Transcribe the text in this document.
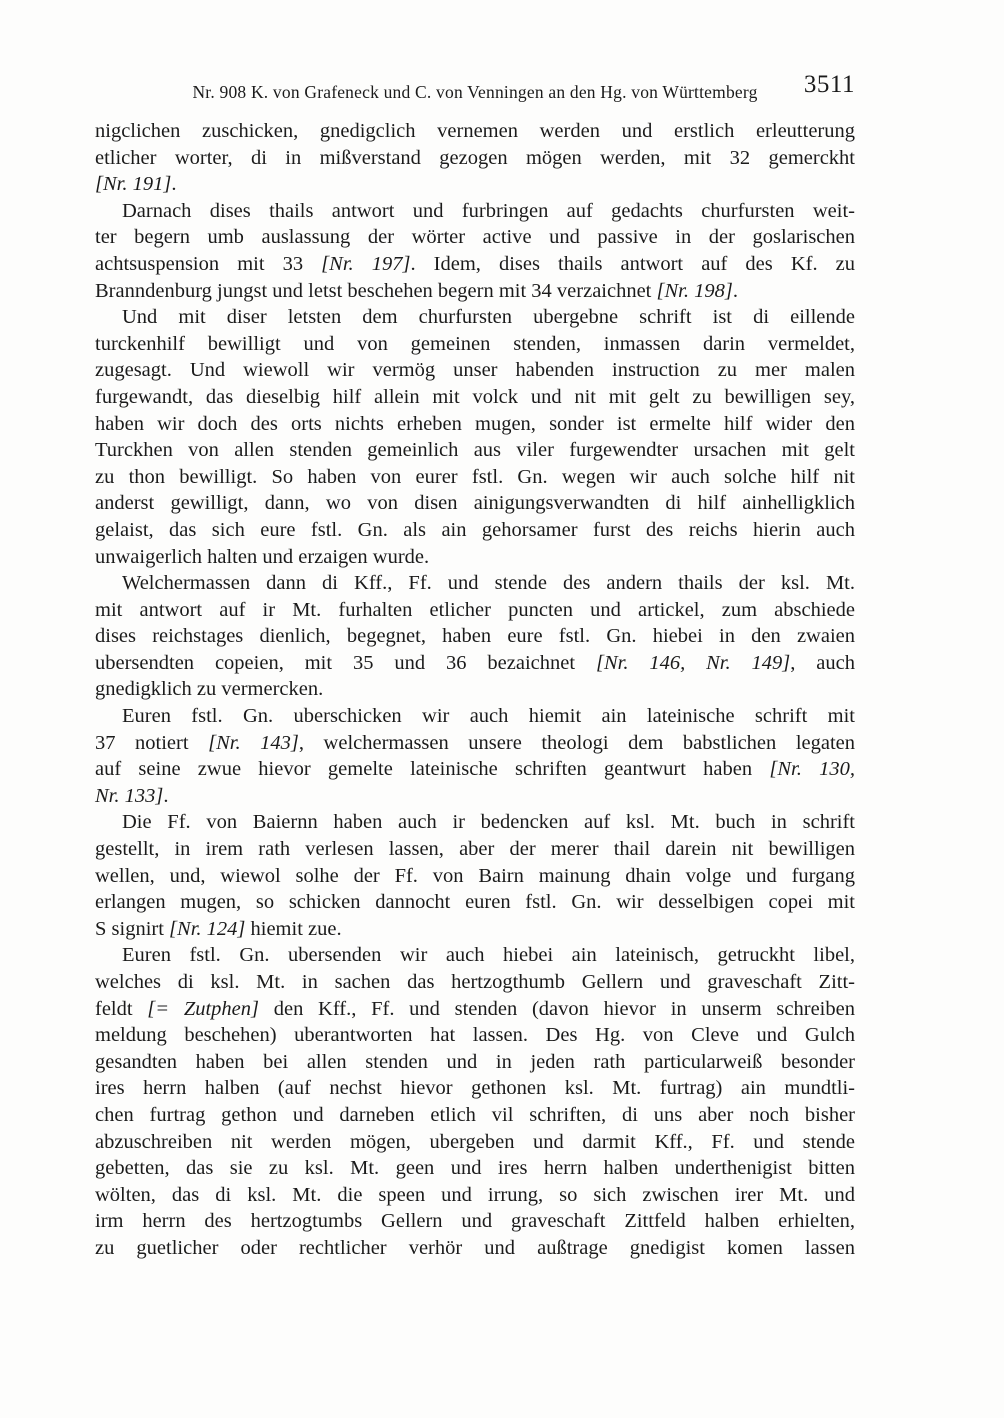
Nr. 908 K. von Grafeneck und C. von Venningen an den Hg. von Württemberg 3511
nigclichen zuschicken, gnedigclich vernemen werden und erstlich erleutterung
etlicher worter, di in mißverstand gezogen mögen werden, mit 32 gemerckht
[Nr. 191].
Darnach dises thails antwort und furbringen auf gedachts churfursten weit-
ter begern umb auslassung der wörter active und passive in der goslarischen
achtsuspension mit 33 [Nr. 197]. Idem, dises thails antwort auf des Kf. zu
Branndenburg jungst und letst beschehen begern mit 34 verzaichnet [Nr. 198].
Und mit diser letsten dem churfursten ubergebne schrift ist di eillende
turckenhilf bewilligt und von gemeinen stenden, inmassen darin vermeldet,
zugesagt. Und wiewoll wir vermög unser habenden instruction zu mer malen
furgewandt, das dieselbig hilf allein mit volck und nit mit gelt zu bewilligen sey,
haben wir doch des orts nichts erheben mugen, sonder ist ermelte hilf wider den
Turckhen von allen stenden gemeinlich aus viler furgewendter ursachen mit gelt
zu thon bewilligt. So haben von eurer fstl. Gn. wegen wir auch solche hilf nit
anderst gewilligt, dann, wo von disen ainigungsverwandten di hilf ainhelligklich
gelaist, das sich eure fstl. Gn. als ain gehorsamer furst des reichs hierin auch
unwaigerlich halten und erzaigen wurde.
Welchermassen dann di Kff., Ff. und stende des andern thails der ksl. Mt.
mit antwort auf ir Mt. furhalten etlicher puncten und artickel, zum abschiede
dises reichstages dienlich, begegnet, haben eure fstl. Gn. hiebei in den zwaien
ubersendten copeien, mit 35 und 36 bezaichnet [Nr. 146, Nr. 149], auch
gnedigklich zu vermercken.
Euren fstl. Gn. uberschicken wir auch hiemit ain lateinische schrift mit
37 notiert [Nr. 143], welchermassen unsere theologi dem babstlichen legaten
auf seine zwue hievor gemelte lateinische schriften geantwurt haben [Nr. 130,
Nr. 133].
Die Ff. von Baiernn haben auch ir bedencken auf ksl. Mt. buch in schrift
gestellt, in irem rath verlesen lassen, aber der merer thail darein nit bewilligen
wellen, und, wiewol solhe der Ff. von Bairn mainung dhain volge und furgang
erlangen mugen, so schicken dannocht euren fstl. Gn. wir desselbigen copei mit
S signirt [Nr. 124] hiemit zue.
Euren fstl. Gn. ubersenden wir auch hiebei ain lateinisch, getruckht libel,
welches di ksl. Mt. in sachen das hertzogthumb Gellern und graveschaft Zitt-
feldt [= Zutphen] den Kff., Ff. und stenden (davon hievor in unserm schreiben
meldung beschehen) uberantworten hat lassen. Des Hg. von Cleve und Gulch
gesandten haben bei allen stenden und in jeden rath particularweiß besonder
ires herrn halben (auf nechst hievor gethonen ksl. Mt. furtrag) ain mundtli-
chen furtrag gethon und darneben etlich vil schriften, di uns aber noch bisher
abzuschreiben nit werden mögen, ubergeben und darmit Kff., Ff. und stende
gebetten, das sie zu ksl. Mt. geen und ires herrn halben underthenigist bitten
wölten, das di ksl. Mt. die speen und irrung, so sich zwischen irer Mt. und
irm herrn des hertzogtumbs Gellern und graveschaft Zittfeld halben erhielten,
zu guetlicher oder rechtlicher verhör und außtrage gnedigist komen lassen
